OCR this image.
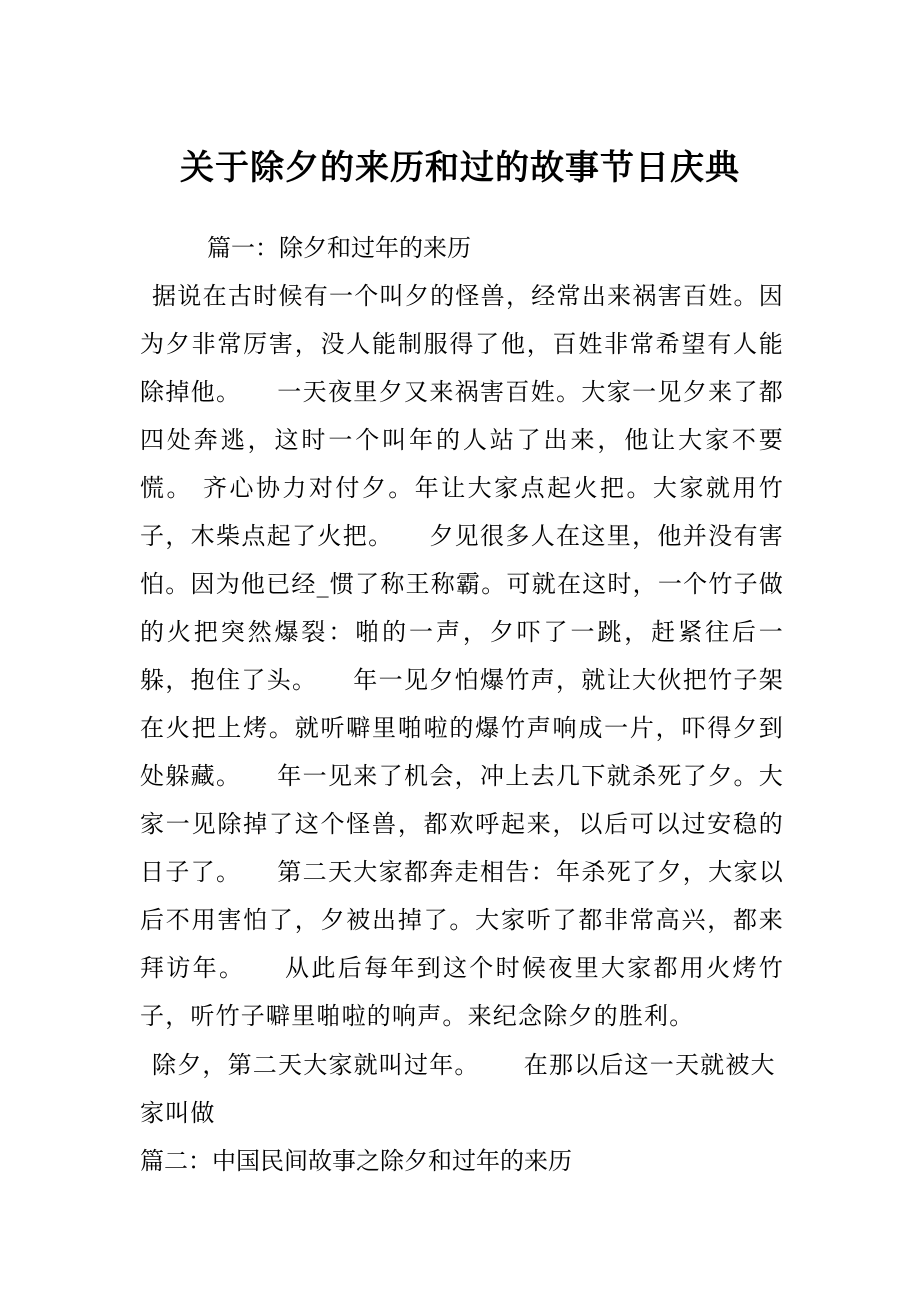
关于除夕的来历和过的故事节日庆典
篇一：除夕和过年的来历
据说在古时候有一个叫夕的怪兽，经常出来祸害百姓。因为夕非常厉害，没人能制服得了他，百姓非常希望有人能除掉他。    一天夜里夕又来祸害百姓。大家一见夕来了都四处奔逃，这时一个叫年的人站了出来，他让大家不要慌。 齐心协力对付夕。年让大家点起火把。大家就用竹子，木柴点起了火把。    夕见很多人在这里，他并没有害怕。因为他已经_惯了称王称霸。可就在这时，一个竹子做的火把突然爆裂：啪的一声，夕吓了一跳，赶紧往后一躲，抱住了头。    年一见夕怕爆竹声，就让大伙把竹子架在火把上烤。就听噼里啪啦的爆竹声响成一片，吓得夕到处躲藏。    年一见来了机会，冲上去几下就杀死了夕。大家一见除掉了这个怪兽，都欢呼起来，以后可以过安稳的日子了。    第二天大家都奔走相告：年杀死了夕，大家以后不用害怕了，夕被出掉了。大家听了都非常高兴，都来拜访年。    从此后每年到这个时候夜里大家都用火烤竹子，听竹子噼里啪啦的响声。来纪念除夕的胜利。
除夕，第二天大家就叫过年。     在那以后这一天就被大家叫做
篇二：中国民间故事之除夕和过年的来历
